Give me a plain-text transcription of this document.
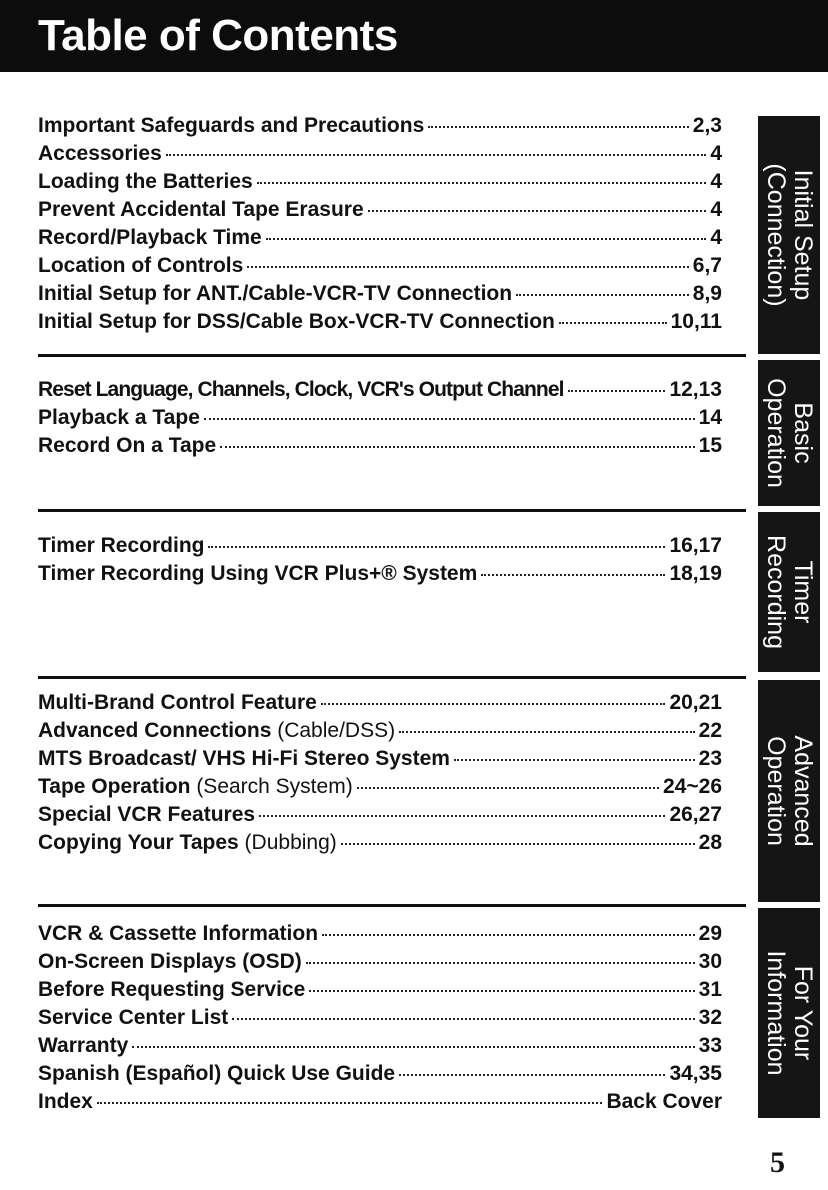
Table of Contents
Important Safeguards and Precautions	2,3
Accessories	4
Loading the Batteries	4
Prevent Accidental Tape Erasure	4
Record/Playback Time	4
Location of Controls	6,7
Initial Setup for ANT./Cable-VCR-TV Connection	8,9
Initial Setup for DSS/Cable Box-VCR-TV Connection	10,11
Reset Language, Channels, Clock, VCR's Output Channel	12,13
Playback a Tape	14
Record On a Tape	15
Timer Recording	16,17
Timer Recording Using VCR Plus+® System	18,19
Multi-Brand Control Feature	20,21
Advanced Connections
(Cable/DSS)	22
MTS Broadcast/ VHS Hi-Fi Stereo System	23
Tape Operation
(Search System)	24~26
Special VCR Features	26,27
Copying Your Tapes
(Dubbing)	28
VCR & Cassette Information	29
On-Screen Displays (OSD)	30
Before Requesting Service	31
Service Center List	32
Warranty	33
Spanish (Español) Quick Use Guide	34,35
Index	Back Cover
Initial Setup
(Connection)
Basic
Operation
Timer
Recording
Advanced
Operation
For Your
Information
5
